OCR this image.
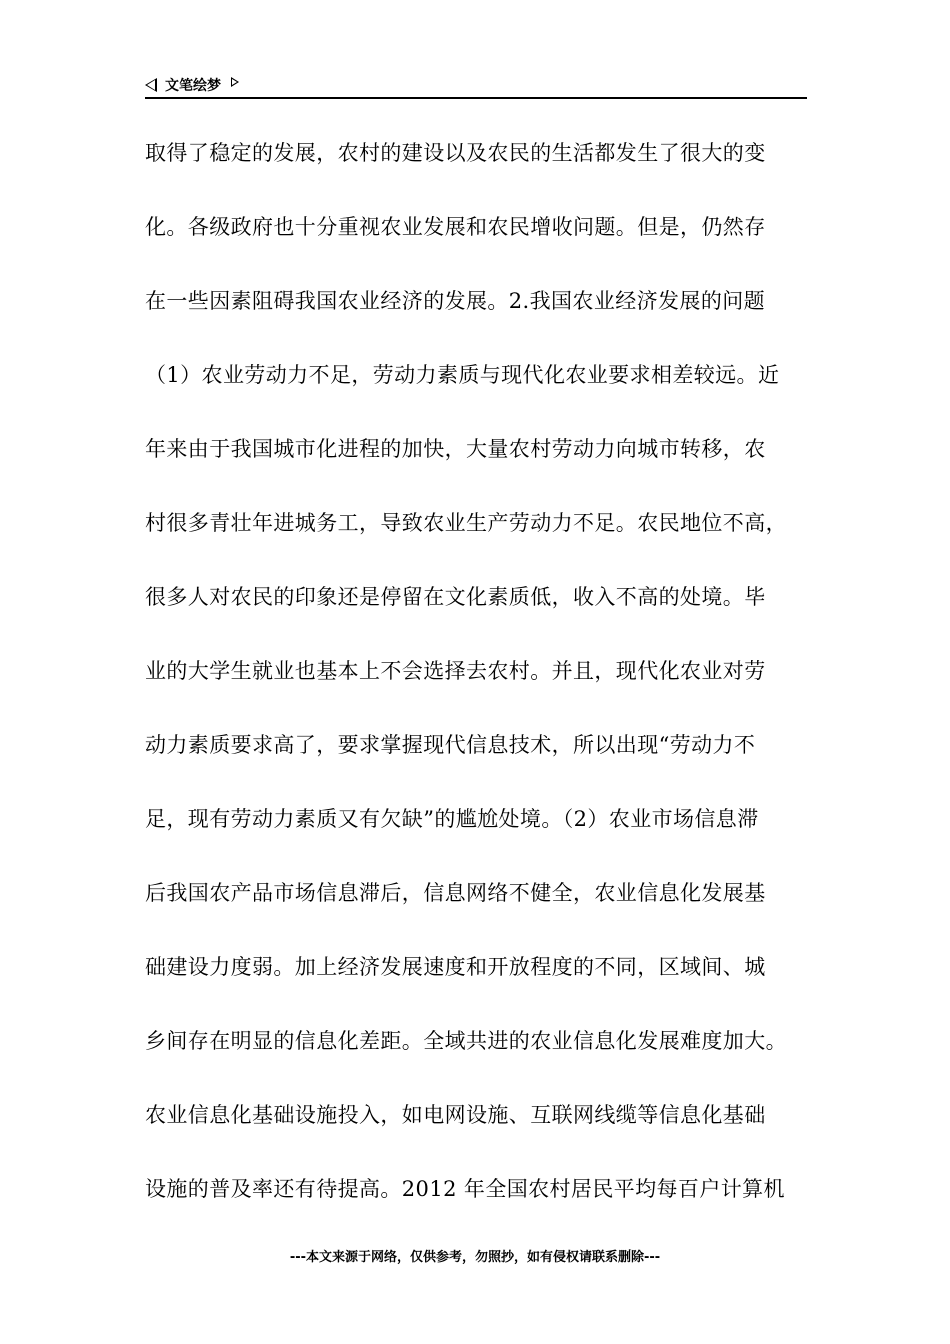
文笔绘梦
取得了稳定的发展，农村的建设以及农民的生活都发生了很大的变
化。各级政府也十分重视农业发展和农民增收问题。但是，仍然存
在一些因素阻碍我国农业经济的发展。2.我国农业经济发展的问题
（1）农业劳动力不足，劳动力素质与现代化农业要求相差较远。近
年来由于我国城市化进程的加快，大量农村劳动力向城市转移，农
村很多青壮年进城务工，导致农业生产劳动力不足。农民地位不高，
很多人对农民的印象还是停留在文化素质低，收入不高的处境。毕
业的大学生就业也基本上不会选择去农村。并且，现代化农业对劳
动力素质要求高了，要求掌握现代信息技术，所以出现“劳动力不
足，现有劳动力素质又有欠缺”的尴尬处境。（2）农业市场信息滞
后我国农产品市场信息滞后，信息网络不健全，农业信息化发展基
础建设力度弱。加上经济发展速度和开放程度的不同，区域间、城
乡间存在明显的信息化差距。全域共进的农业信息化发展难度加大。
农业信息化基础设施投入，如电网设施、互联网线缆等信息化基础
设施的普及率还有待提高。2012 年全国农村居民平均每百户计算机
---本文来源于网络，仅供参考，勿照抄，如有侵权请联系删除---
